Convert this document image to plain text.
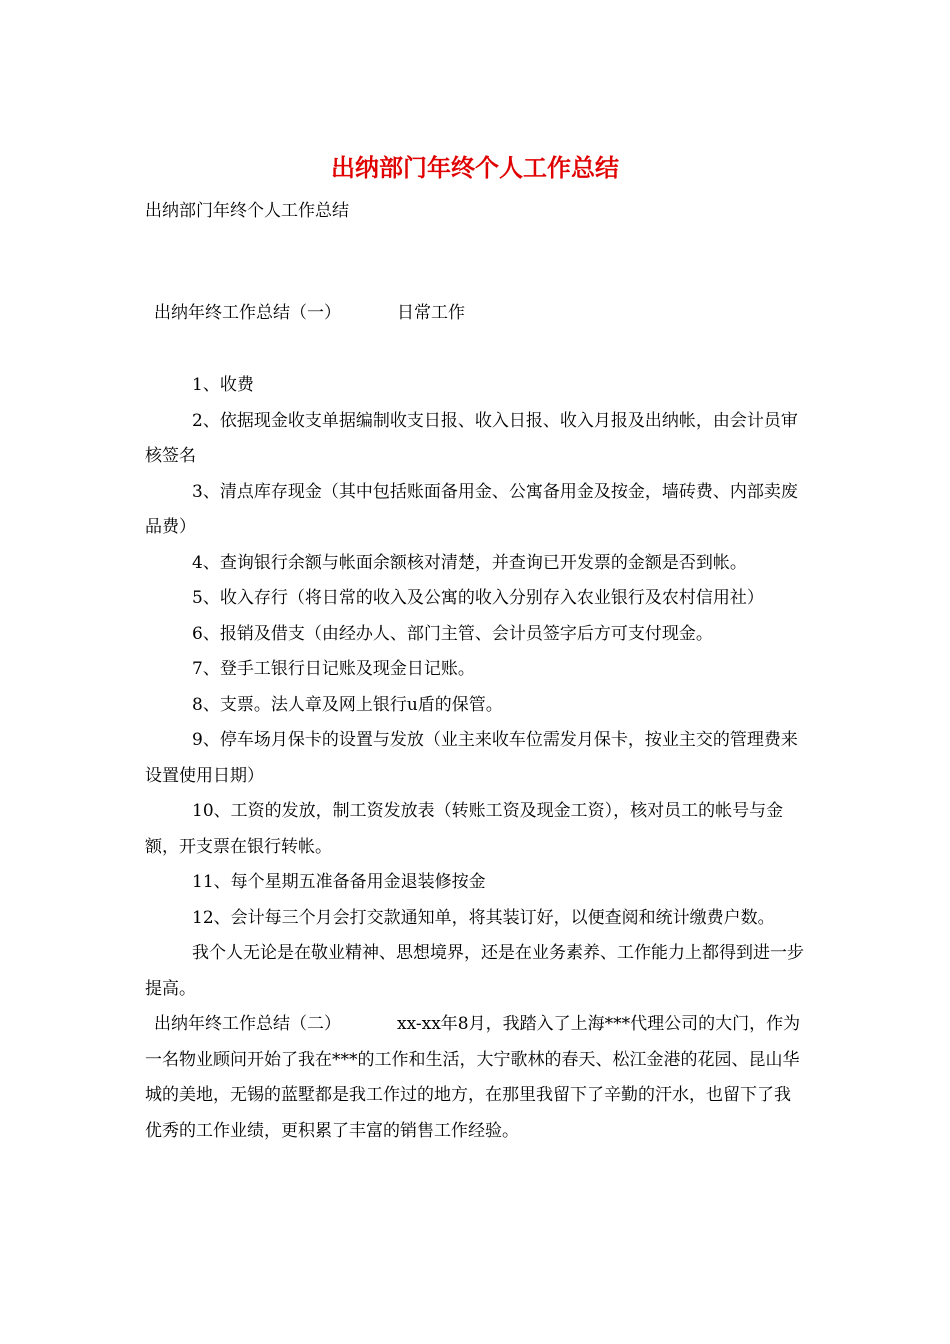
出纳部门年终个人工作总结
出纳部门年终个人工作总结
出纳年终工作总结（一）	日常工作

1、收费

2、依据现金收支单据编制收支日报、收入日报、收入月报及出纳帐，由会计员审核签名

3、清点库存现金（其中包括账面备用金、公寓备用金及按金，墙砖费、内部卖废品费）

4、查询银行余额与帐面余额核对清楚，并查询已开发票的金额是否到帐。

5、收入存行（将日常的收入及公寓的收入分别存入农业银行及农村信用社）

6、报销及借支（由经办人、部门主管、会计员签字后方可支付现金。

7、登手工银行日记账及现金日记账。

8、支票。法人章及网上银行u盾的保管。

9、停车场月保卡的设置与发放（业主来收车位需发月保卡，按业主交的管理费来设置使用日期）

10、工资的发放，制工资发放表（转账工资及现金工资），核对员工的帐号与金额，开支票在银行转帐。

11、每个星期五准备备用金退装修按金

12、会计每三个月会打交款通知单，将其装订好，以便查阅和统计缴费户数。

我个人无论是在敬业精神、思想境界，还是在业务素养、工作能力上都得到进一步提高。

出纳年终工作总结（二）	xx-xx年8月，我踏入了上海***代理公司的大门，作为一名物业顾问开始了我在***的工作和生活，大宁歌林的春天、松江金港的花园、昆山华城的美地，无锡的蓝墅都是我工作过的地方，在那里我留下了辛勤的汗水，也留下了我优秀的工作业绩，更积累了丰富的销售工作经验。
